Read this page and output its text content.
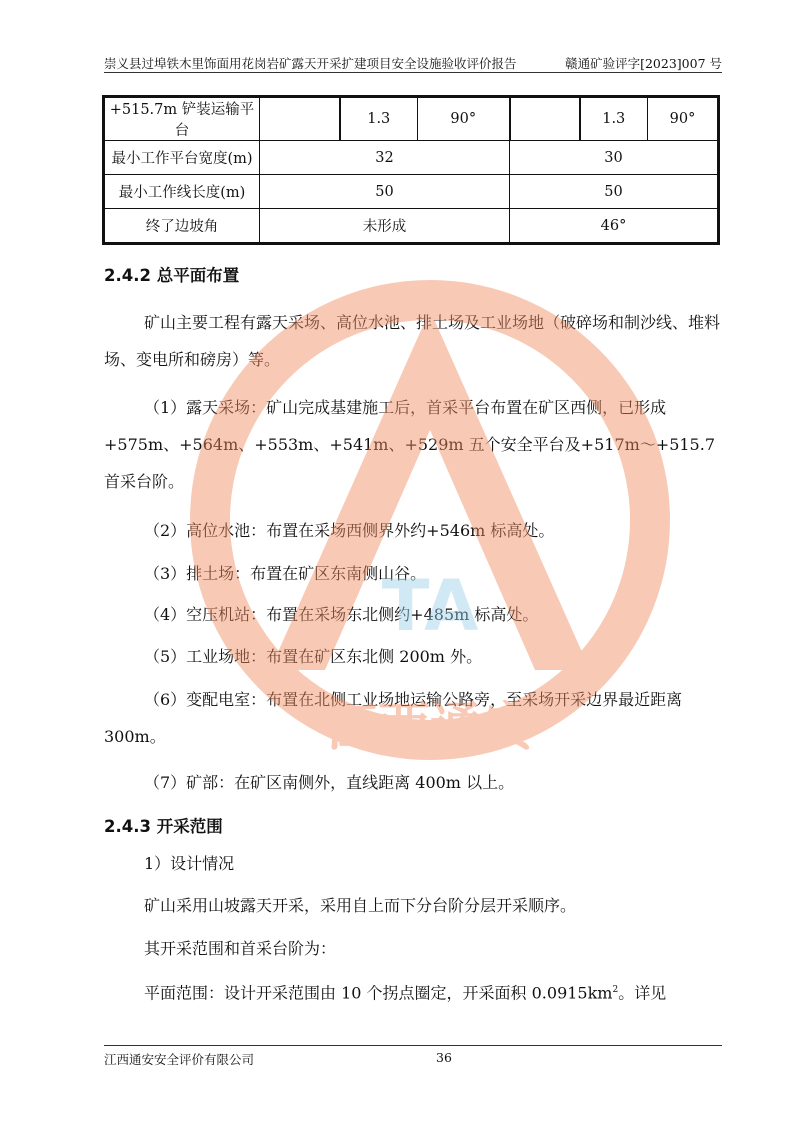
崇义县过埠铁木里饰面用花岗岩矿露天开采扩建项目安全设施验收评价报告	赣通矿验评字[2023]007 号
+515.7m 铲装运输平台		1.3	90°		1.3	90°
最小工作平台宽度(m)	32			30		
最小工作线长度(m)	50			50		
终了边坡角	未形成			46°		
2.4.2 总平面布置
矿山主要工程有露天采场、高位水池、排土场及工业场地（破碎场和制沙线、堆料场、变电所和磅房）等。
（1）露天采场：矿山完成基建施工后，首采平台布置在矿区西侧，已形成+575m、+564m、+553m、+541m、+529m 五个安全平台及+517m～+515.7 首采台阶。
（2）高位水池：布置在采场西侧界外约+546m 标高处。
（3）排土场：布置在矿区东南侧山谷。
（4）空压机站：布置在采场东北侧约+485m 标高处。
（5）工业场地：布置在矿区东北侧 200m 外。
（6）变配电室：布置在北侧工业场地运输公路旁，至采场开采边界最近距离 300m。
（7）矿部：在矿区南侧外，直线距离 400m 以上。
2.4.3 开采范围
1）设计情况
矿山采用山坡露天开采，采用自上而下分台阶分层开采顺序。
其开采范围和首采台阶为：
平面范围：设计开采范围由 10 个拐点圈定，开采面积 $0.0915km^2$。详见
TA
江西通安
江西通安安全评价有限公司	36
